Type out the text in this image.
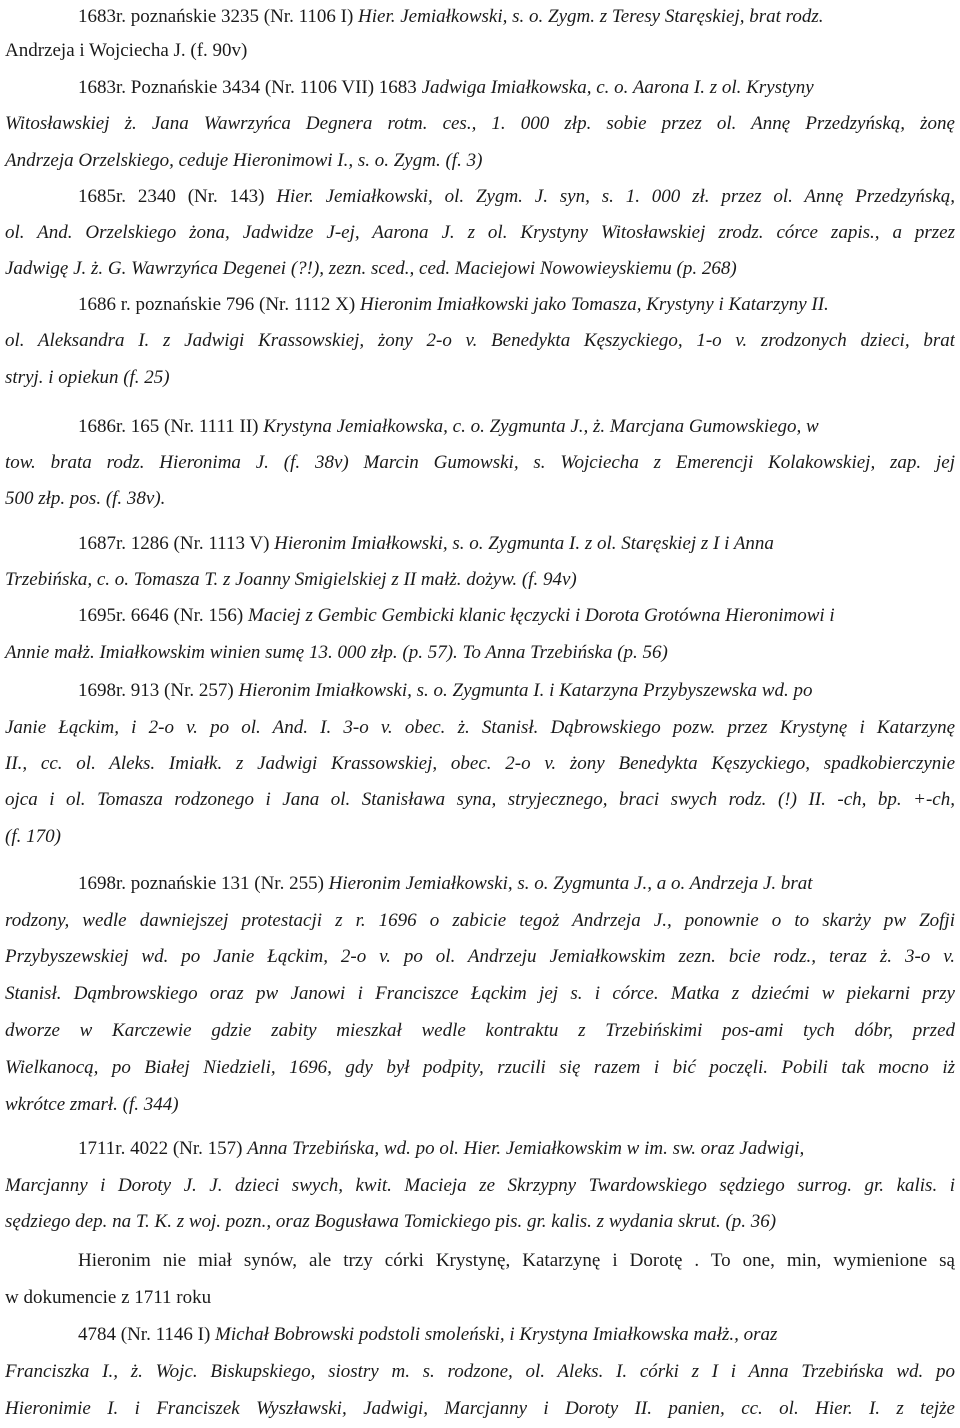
1683r. poznańskie 3235 (Nr. 1106 I) Hier. Jemiałkowski, s. o. Zygm. z Teresy Staręskiej, brat rodz.
Andrzeja i Wojciecha J. (f. 90v)
1683r. Poznańskie 3434 (Nr. 1106 VII) 1683 Jadwiga Imiałkowska, c. o. Aarona I. z ol. Krystyny
Witosławskiej ż. Jana Wawrzyńca Degnera rotm. ces., 1. 000 złp. sobie przez ol. Annę Przedzyńską, żonę
Andrzeja Orzelskiego, ceduje Hieronimowi I., s. o. Zygm. (f. 3)
1685r. 2340 (Nr. 143) Hier. Jemiałkowski, ol. Zygm. J. syn, s. 1. 000 zł. przez ol. Annę Przedzyńską,
ol. And. Orzelskiego żona, Jadwidze J-ej, Aarona J. z ol. Krystyny Witosławskiej zrodz. córce zapis., a przez
Jadwigę J. ż. G. Wawrzyńca Degenei (?!), zezn. sced., ced. Maciejowi Nowowieyskiemu (p. 268)
1686 r. poznańskie 796 (Nr. 1112 X) Hieronim Imiałkowski jako Tomasza, Krystyny i Katarzyny II.
ol. Aleksandra I. z Jadwigi Krassowskiej, żony 2-o v. Benedykta Kęszyckiego, 1-o v. zrodzonych dzieci, brat
stryj. i opiekun (f. 25)
1686r. 165 (Nr. 1111 II) Krystyna Jemiałkowska, c. o. Zygmunta J., ż. Marcjana Gumowskiego, w
tow. brata rodz. Hieronima J. (f. 38v) Marcin Gumowski, s. Wojciecha z Emerencji Kolakowskiej, zap. jej
500 złp. pos. (f. 38v).
1687r. 1286 (Nr. 1113 V) Hieronim Imiałkowski, s. o. Zygmunta I. z ol. Staręskiej z I i Anna
Trzebińska, c. o. Tomasza T. z Joanny Smigielskiej z II małż. dożyw. (f. 94v)
1695r. 6646 (Nr. 156) Maciej z Gembic Gembicki klanic łęczycki i Dorota Grotówna Hieronimowi i
Annie małż. Imiałkowskim winien sumę 13. 000 złp. (p. 57). To Anna Trzebińska (p. 56)
1698r. 913 (Nr. 257) Hieronim Imiałkowski, s. o. Zygmunta I. i Katarzyna Przybyszewska wd. po
Janie Łąckim, i 2-o v. po ol. And. I. 3-o v. obec. ż. Stanisł. Dąbrowskiego pozw. przez Krystynę i Katarzynę
II., cc. ol. Aleks. Imiałk. z Jadwigi Krassowskiej, obec. 2-o v. żony Benedykta Kęszyckiego, spadkobierczynie
ojca i ol. Tomasza rodzonego i Jana ol. Stanisława syna, stryjecznego, braci swych rodz. (!) II. -ch, bp. +-ch,
(f. 170)
1698r. poznańskie 131 (Nr. 255) Hieronim Jemiałkowski, s. o. Zygmunta J., a o. Andrzeja J. brat
rodzony, wedle dawniejszej protestacji z r. 1696 o zabicie tegoż Andrzeja J., ponownie o to skarży pw Zofji
Przybyszewskiej wd. po Janie Łąckim, 2-o v. po ol. Andrzeju Jemiałkowskim zezn. bcie rodz., teraz ż. 3-o v.
Stanisł. Dąmbrowskiego oraz pw Janowi i Franciszce Łąckim jej s. i córce. Matka z dziećmi w piekarni przy
dworze w Karczewie gdzie zabity mieszkał wedle kontraktu z Trzebińskimi pos-ami tych dóbr, przed
Wielkanocą, po Białej Niedzieli, 1696, gdy był podpity, rzucili się razem i bić poczęli. Pobili tak mocno iż
wkrótce zmarł. (f. 344)
1711r. 4022 (Nr. 157) Anna Trzebińska, wd. po ol. Hier. Jemiałkowskim w im. sw. oraz Jadwigi,
Marcjanny i Doroty J. J. dzieci swych, kwit. Macieja ze Skrzypny Twardowskiego sędziego surrog. gr. kalis. i
sędziego dep. na T. K. z woj. pozn., oraz Bogusława Tomickiego pis. gr. kalis. z wydania skrut. (p. 36)
Hieronim nie miał synów, ale trzy córki Krystynę, Katarzynę i Dorotę . To one, min, wymienione są
w dokumencie z 1711 roku
4784 (Nr. 1146 I) Michał Bobrowski podstoli smoleński, i Krystyna Imiałkowska małż., oraz
Franciszka I., ż. Wojc. Biskupskiego, siostry m. s. rodzone, ol. Aleks. I. córki z I i Anna Trzebińska wd. po
Hieronimie I. i Franciszek Wyszławski, Jadwigi, Marcjanny i Doroty II. panien, cc. ol. Hier. I. z tejże
